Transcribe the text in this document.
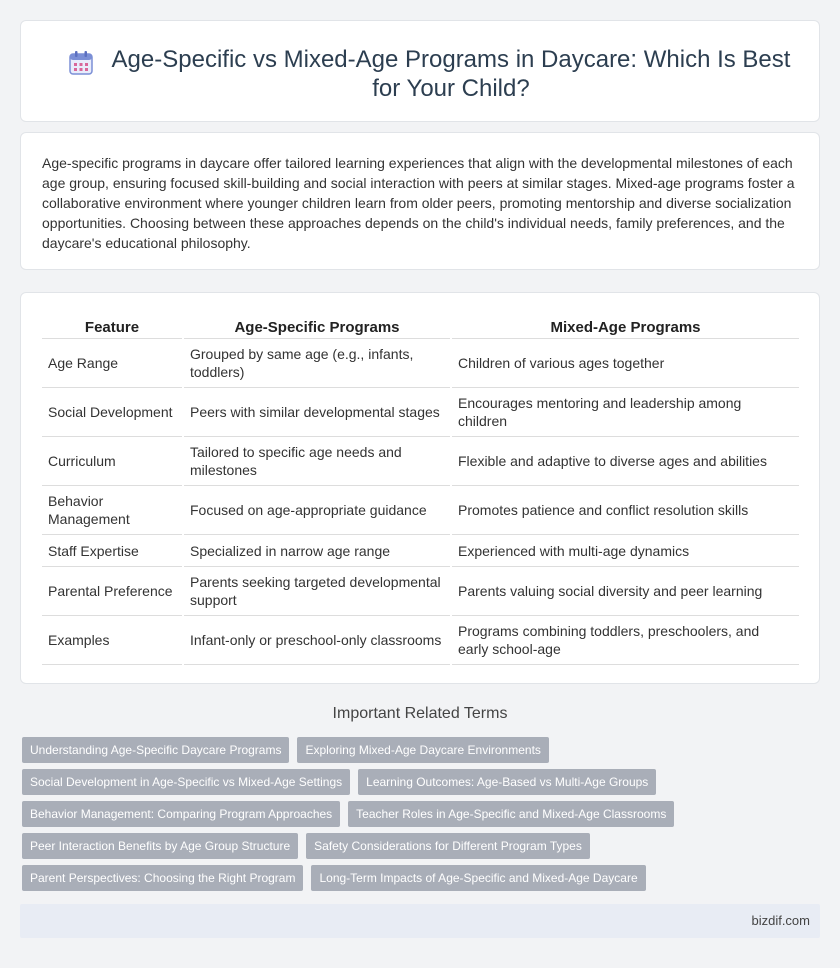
Age-Specific vs Mixed-Age Programs in Daycare: Which Is Best for Your Child?

Age-specific programs in daycare offer tailored learning experiences that align with the developmental milestones of each age group, ensuring focused skill-building and social interaction with peers at similar stages. Mixed-age programs foster a collaborative environment where younger children learn from older peers, promoting mentorship and diverse socialization opportunities. Choosing between these approaches depends on the child's individual needs, family preferences, and the daycare's educational philosophy.

Feature	Age-Specific Programs	Mixed-Age Programs
Age Range	Grouped by same age (e.g., infants, toddlers)	Children of various ages together
Social Development	Peers with similar developmental stages	Encourages mentoring and leadership among children
Curriculum	Tailored to specific age needs and milestones	Flexible and adaptive to diverse ages and abilities
Behavior Management	Focused on age-appropriate guidance	Promotes patience and conflict resolution skills
Staff Expertise	Specialized in narrow age range	Experienced with multi-age dynamics
Parental Preference	Parents seeking targeted developmental support	Parents valuing social diversity and peer learning
Examples	Infant-only or preschool-only classrooms	Programs combining toddlers, preschoolers, and early school-age
Important Related Terms
Understanding Age-Specific Daycare Programs	Exploring Mixed-Age Daycare Environments
Social Development in Age-Specific vs Mixed-Age Settings	Learning Outcomes: Age-Based vs Multi-Age Groups
Behavior Management: Comparing Program Approaches	Teacher Roles in Age-Specific and Mixed-Age Classrooms
Peer Interaction Benefits by Age Group Structure	Safety Considerations for Different Program Types
Parent Perspectives: Choosing the Right Program	Long-Term Impacts of Age-Specific and Mixed-Age Daycare
bizdif.com
